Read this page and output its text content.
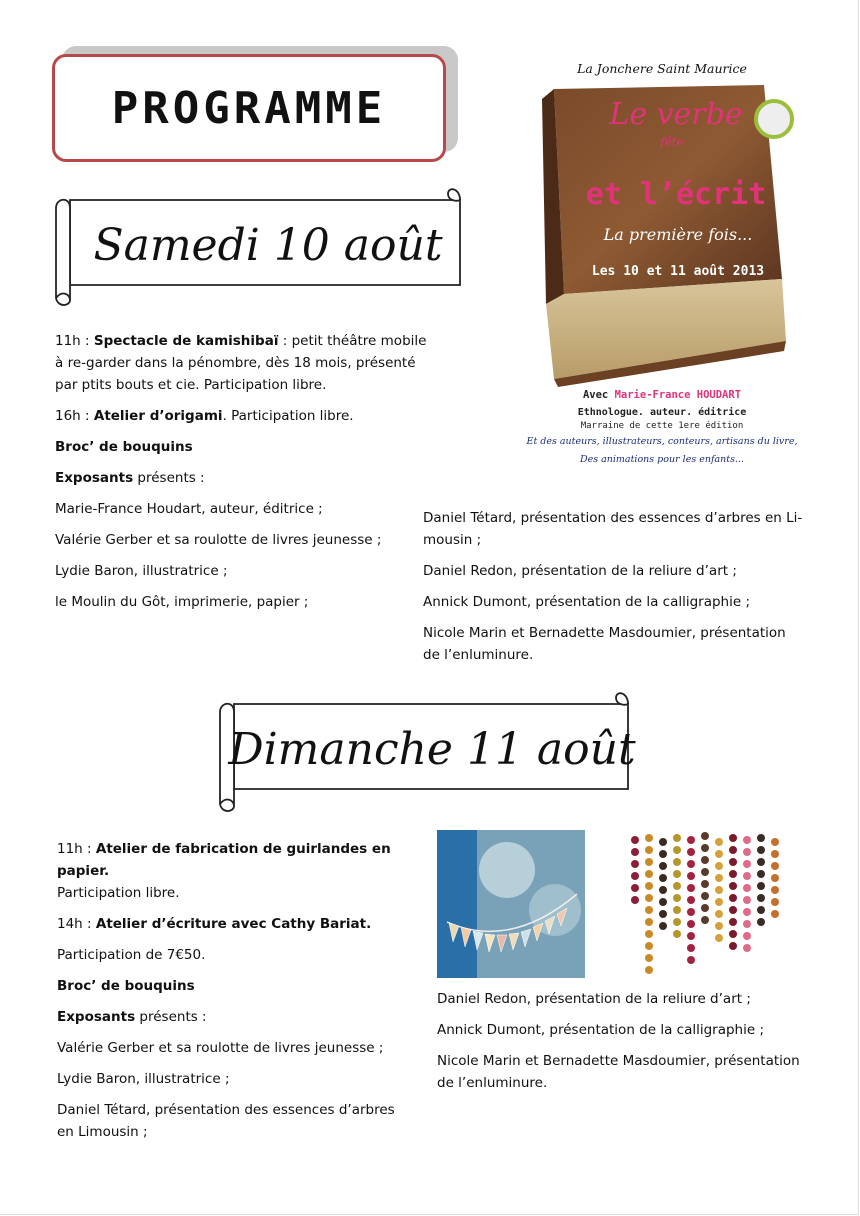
PROGRAMME
Samedi 10 août
Dimanche 11 août

11h : Spectacle de kamishibaï : petit théâtre mobile à re-garder dans la pénombre, dès 18 mois, présenté par ptits bouts et cie. Participation libre.

16h : Atelier d’origami. Participation libre.

Broc’ de bouquins

Exposants présents :

Marie-France Houdart, auteur, éditrice ;

Valérie Gerber et sa roulotte de livres jeunesse ;

Lydie Baron, illustratrice ;

le Moulin du Gôt, imprimerie, papier ;

Daniel Tétard, présentation des essences d’arbres en Li-mousin ;

Daniel Redon, présentation de la reliure d’art ;

Annick Dumont, présentation de la calligraphie ;

Nicole Marin et Bernadette Masdoumier, présentation de l’enluminure.

11h : Atelier de fabrication de guirlandes en papier.
Participation libre.

14h : Atelier d’écriture avec Cathy Bariat.

Participation de 7€50.

Broc’ de bouquins

Exposants présents :

Valérie Gerber et sa roulotte de livres jeunesse ;

Lydie Baron, illustratrice ;

Daniel Tétard, présentation des essences d’arbres en Limousin ;

Daniel Redon, présentation de la reliure d’art ;

Annick Dumont, présentation de la calligraphie ;

Nicole Marin et Bernadette Masdoumier, présentation de l’enluminure.

La Jonchere Saint Maurice
fête
Le verbe
et l’écrit
La première fois...
Les 10 et 11 août 2013
Avec Marie-France HOUDART
Ethnologue. auteur. éditrice
Marraine de cette 1ere édition
Et des auteurs, illustrateurs, conteurs, artisans du livre,
Des animations pour les enfants...
